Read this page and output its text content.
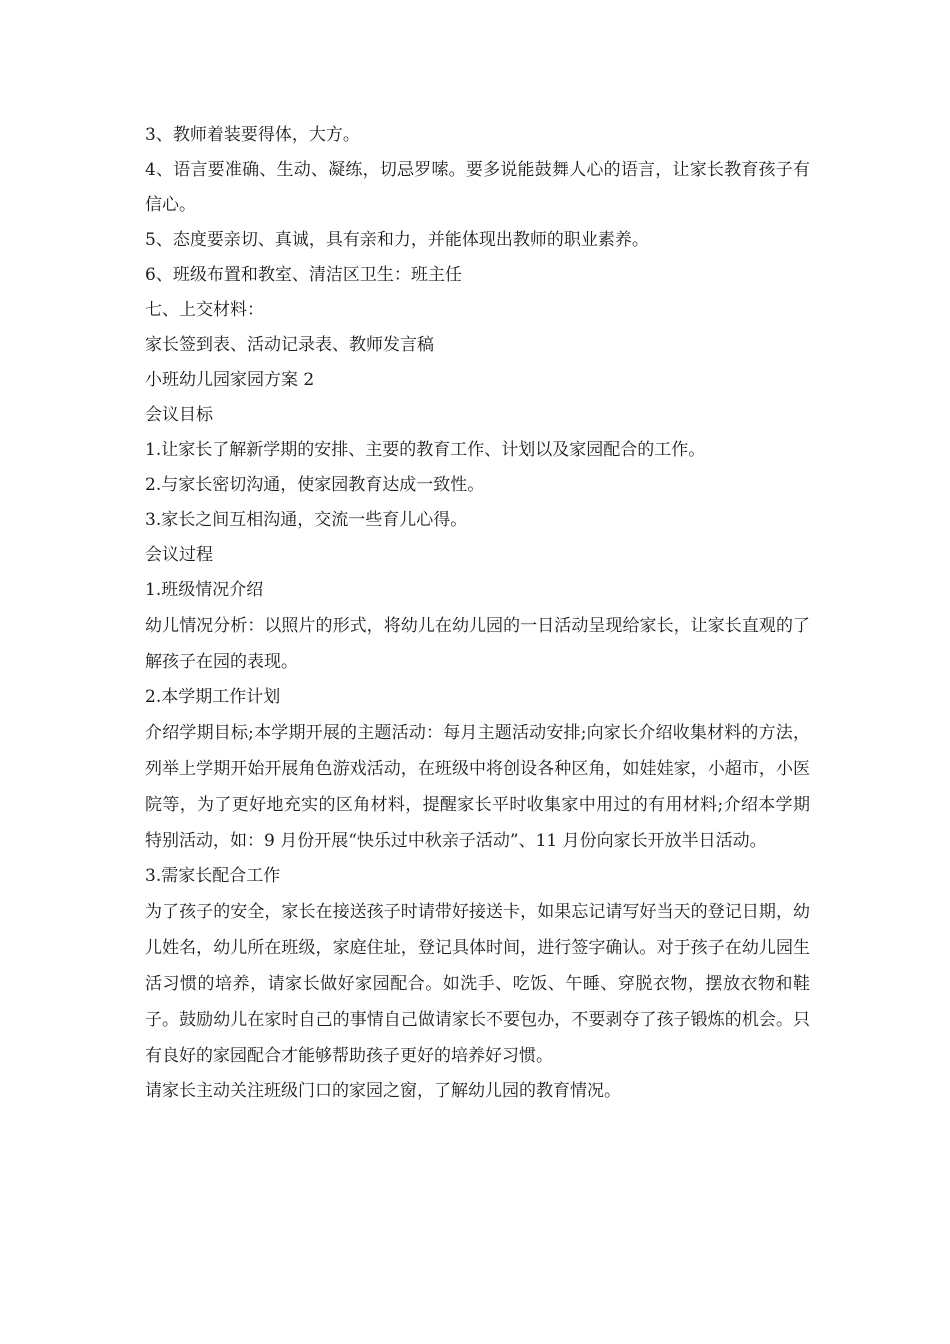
3、教师着装要得体，大方。

4、语言要准确、生动、凝练，切忌罗嗦。要多说能鼓舞人心的语言，让家长教育孩子有信心。

5、态度要亲切、真诚，具有亲和力，并能体现出教师的职业素养。

6、班级布置和教室、清洁区卫生：班主任

七、上交材料：

家长签到表、活动记录表、教师发言稿

小班幼儿园家园方案 2

会议目标

1.让家长了解新学期的安排、主要的教育工作、计划以及家园配合的工作。

2.与家长密切沟通，使家园教育达成一致性。

3.家长之间互相沟通，交流一些育儿心得。

会议过程

1.班级情况介绍

幼儿情况分析：以照片的形式，将幼儿在幼儿园的一日活动呈现给家长，让家长直观的了解孩子在园的表现。

2.本学期工作计划

介绍学期目标;本学期开展的主题活动：每月主题活动安排;向家长介绍收集材料的方法，列举上学期开始开展角色游戏活动，在班级中将创设各种区角，如娃娃家，小超市，小医院等，为了更好地充实的区角材料，提醒家长平时收集家中用过的有用材料;介绍本学期特别活动，如：9 月份开展“快乐过中秋亲子活动”、11 月份向家长开放半日活动。

3.需家长配合工作

为了孩子的安全，家长在接送孩子时请带好接送卡，如果忘记请写好当天的登记日期，幼儿姓名，幼儿所在班级，家庭住址，登记具体时间，进行签字确认。对于孩子在幼儿园生活习惯的培养，请家长做好家园配合。如洗手、吃饭、午睡、穿脱衣物，摆放衣物和鞋子。鼓励幼儿在家时自己的事情自己做请家长不要包办，不要剥夺了孩子锻炼的机会。只有良好的家园配合才能够帮助孩子更好的培养好习惯。

请家长主动关注班级门口的家园之窗，了解幼儿园的教育情况。
